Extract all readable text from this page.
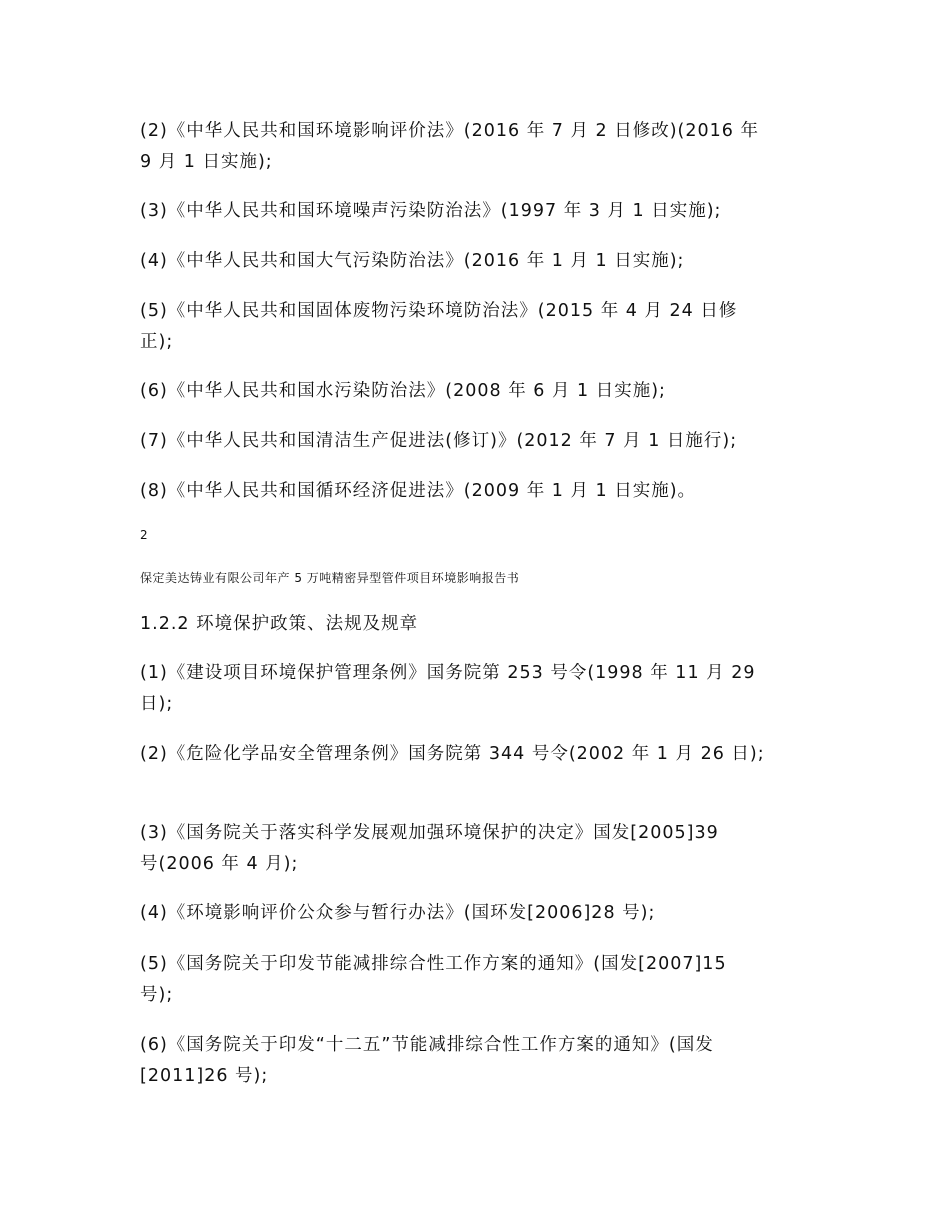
(2)《中华人民共和国环境影响评价法》(2016 年 7 月 2 日修改)(2016 年
9 月 1 日实施);

(3)《中华人民共和国环境噪声污染防治法》(1997 年 3 月 1 日实施);

(4)《中华人民共和国大气污染防治法》(2016 年 1 月 1 日实施);

(5)《中华人民共和国固体废物污染环境防治法》(2015 年 4 月 24 日修
正);

(6)《中华人民共和国水污染防治法》(2008 年 6 月 1 日实施);

(7)《中华人民共和国清洁生产促进法(修订)》(2012 年 7 月 1 日施行);

(8)《中华人民共和国循环经济促进法》(2009 年 1 月 1 日实施)。

2

保定美达铸业有限公司年产 5 万吨精密异型管件项目环境影响报告书

1.2.2 环境保护政策、法规及规章

(1)《建设项目环境保护管理条例》国务院第 253 号令(1998 年 11 月 29
日);

(2)《危险化学品安全管理条例》国务院第 344 号令(2002 年 1 月 26 日);

(3)《国务院关于落实科学发展观加强环境保护的决定》国发[2005]39
号(2006 年 4 月);

(4)《环境影响评价公众参与暂行办法》(国环发[2006]28 号);

(5)《国务院关于印发节能减排综合性工作方案的通知》(国发[2007]15
号);

(6)《国务院关于印发“十二五”节能减排综合性工作方案的通知》(国发
[2011]26 号);
